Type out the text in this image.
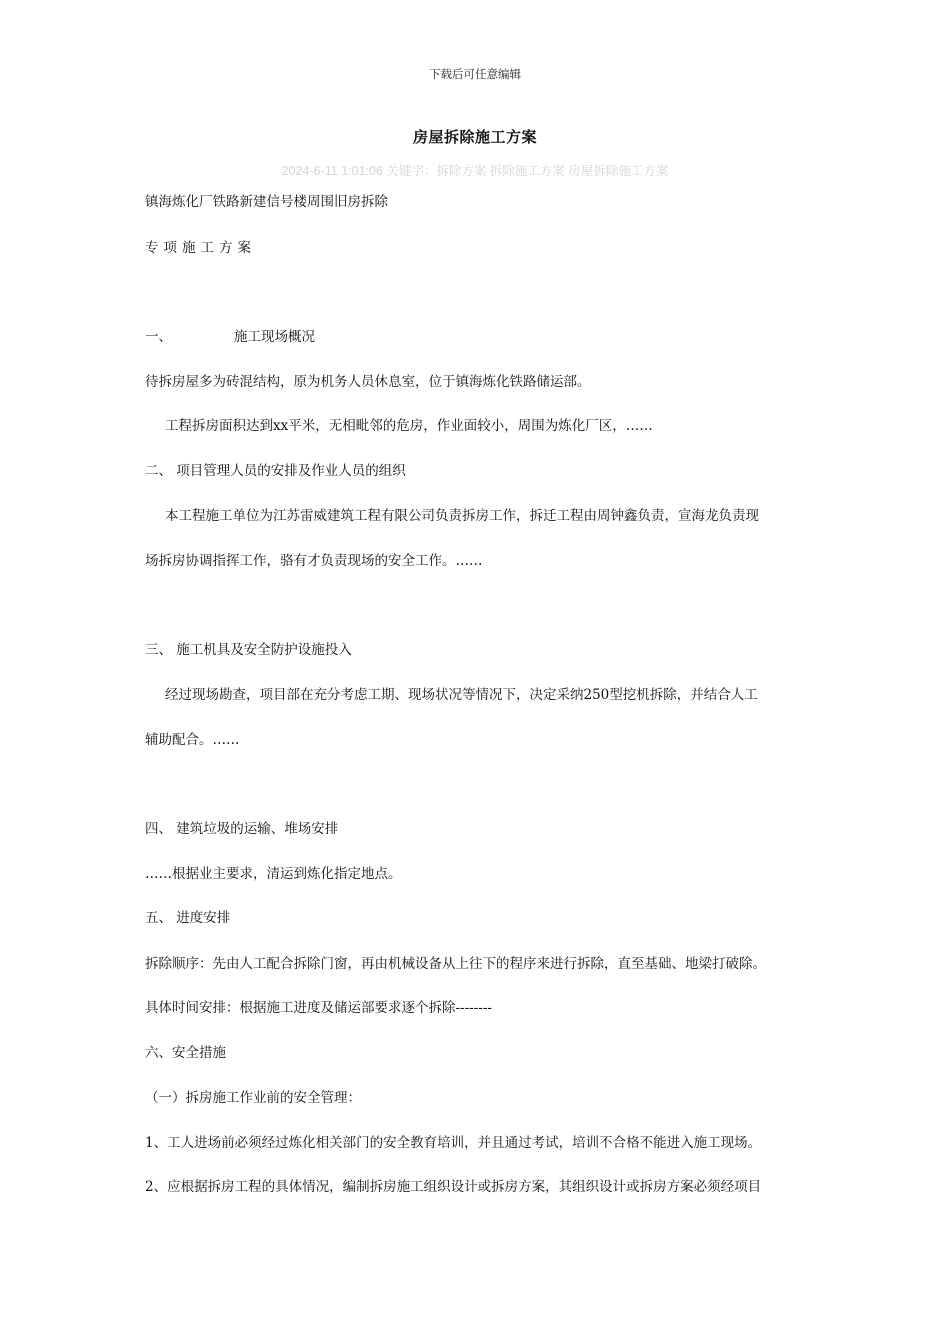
下载后可任意编辑
房屋拆除施工方案
2024-6-11 1:01:06 关键字：拆除方案 拆除施工方案 房屋拆除施工方案
镇海炼化厂铁路新建信号楼周围旧房拆除
专项施工方案
一、	施工现场概况
待拆房屋多为砖混结构，原为机务人员休息室，位于镇海炼化铁路储运部。
工程拆房面积达到xx平米，无相毗邻的危房，作业面较小，周围为炼化厂区，……
二、 项目管理人员的安排及作业人员的组织
本工程施工单位为江苏雷威建筑工程有限公司负责拆房工作，拆迁工程由周钟鑫负责，宣海龙负责现
场拆房协调指挥工作，骆有才负责现场的安全工作。……
三、 施工机具及安全防护设施投入
经过现场勘查，项目部在充分考虑工期、现场状况等情况下，决定采纳250型挖机拆除，并结合人工
辅助配合。……
四、 建筑垃圾的运输、堆场安排
……根据业主要求，清运到炼化指定地点。
五、 进度安排
拆除顺序：先由人工配合拆除门窗，再由机械设备从上往下的程序来进行拆除，直至基础、地梁打破除。
具体时间安排：根据施工进度及储运部要求逐个拆除--------
六、安全措施
（一）拆房施工作业前的安全管理：
1、工人进场前必须经过炼化相关部门的安全教育培训，并且通过考试，培训不合格不能进入施工现场。
2、应根据拆房工程的具体情况，编制拆房施工组织设计或拆房方案，其组织设计或拆房方案必须经项目
